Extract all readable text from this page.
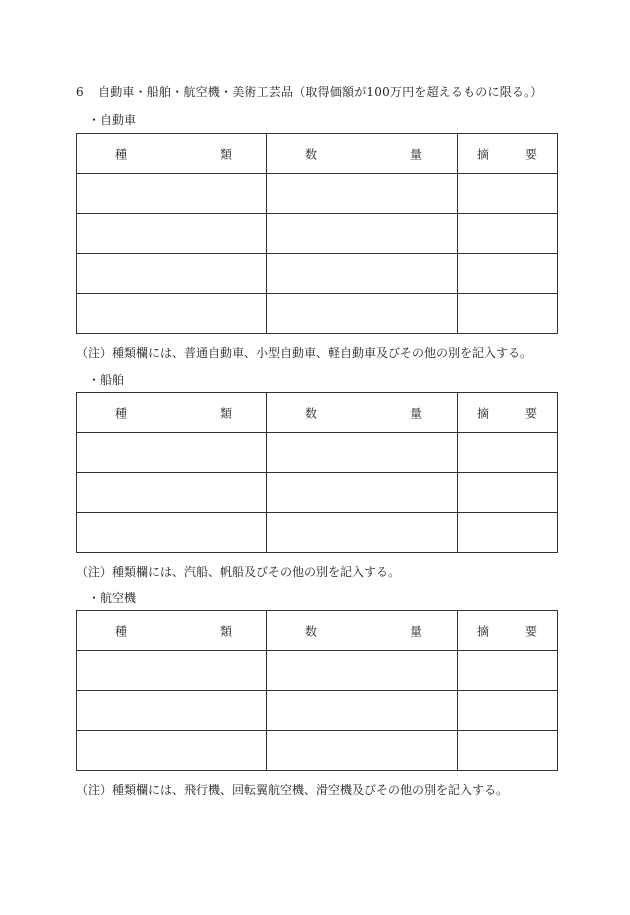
6 自動車・船舶・航空機・美術工芸品（取得価額が100万円を超えるものに限る。）
・自動車
種 類	数 量	摘 要

（注）種類欄には、普通自動車、小型自動車、軽自動車及びその他の別を記入する。
・船舶
種 類	数 量	摘 要

（注）種類欄には、汽船、帆船及びその他の別を記入する。
・航空機
種 類	数 量	摘 要

（注）種類欄には、飛行機、回転翼航空機、滑空機及びその他の別を記入する。
